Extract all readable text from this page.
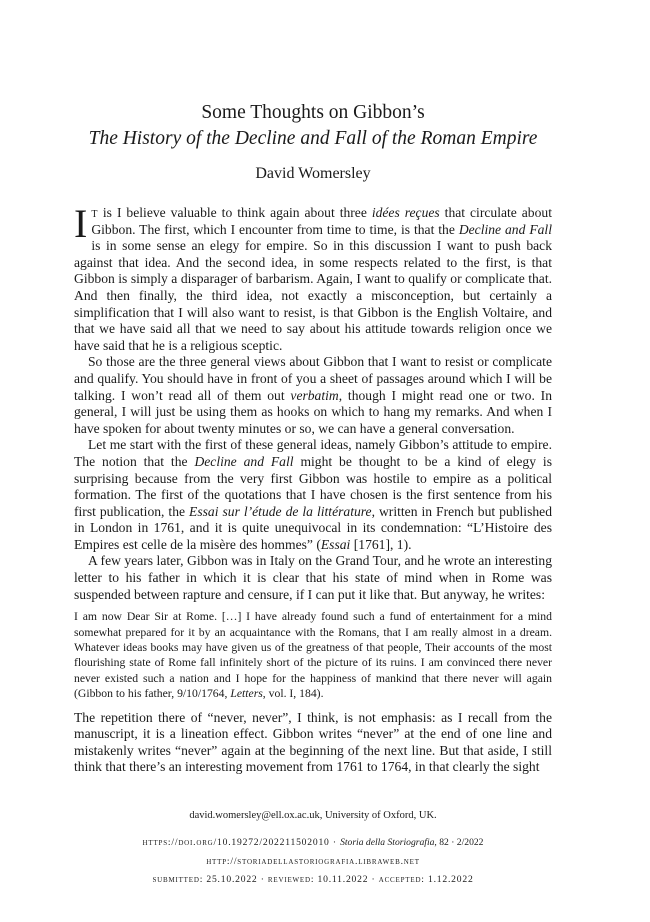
Some Thoughts on Gibbon’s
The History of the Decline and Fall of the Roman Empire
David Womersley

It is I believe valuable to think again about three idées reçues that circulate about Gibbon. The first, which I encounter from time to time, is that the Decline and Fall is in some sense an elegy for empire. So in this discussion I want to push back against that idea. And the second idea, in some respects related to the first, is that Gibbon is simply a disparager of barbarism. Again, I want to qualify or complicate that. And then finally, the third idea, not exactly a misconception, but certainly a simplification that I will also want to resist, is that Gibbon is the English Voltaire, and that we have said all that we need to say about his attitude towards religion once we have said that he is a religious sceptic.

So those are the three general views about Gibbon that I want to resist or complicate and qualify. You should have in front of you a sheet of passages around which I will be talking. I won’t read all of them out verbatim, though I might read one or two. In general, I will just be using them as hooks on which to hang my remarks. And when I have spoken for about twenty minutes or so, we can have a general conversation.

Let me start with the first of these general ideas, namely Gibbon’s attitude to empire. The notion that the Decline and Fall might be thought to be a kind of elegy is surprising because from the very first Gibbon was hostile to empire as a political formation. The first of the quotations that I have chosen is the first sentence from his first publication, the Essai sur l’étude de la littérature, written in French but published in London in 1761, and it is quite unequivocal in its condemnation: “L’Histoire des Empires est celle de la misère des hommes” (Essai [1761], 1).

A few years later, Gibbon was in Italy on the Grand Tour, and he wrote an interesting letter to his father in which it is clear that his state of mind when in Rome was suspended between rapture and censure, if I can put it like that. But anyway, he writes:

I am now Dear Sir at Rome. […] I have already found such a fund of entertainment for a mind somewhat prepared for it by an acquaintance with the Romans, that I am really almost in a dream. Whatever ideas books may have given us of the greatness of that people, Their accounts of the most flourishing state of Rome fall infinitely short of the picture of its ruins. I am convinced there never never existed such a nation and I hope for the happiness of mankind that there never will again (Gibbon to his father, 9/10/1764, Letters, vol. I, 184).

The repetition there of “never, never”, I think, is not emphasis: as I recall from the manuscript, it is a lineation effect. Gibbon writes “never” at the end of one line and mistakenly writes “never” again at the beginning of the next line. But that aside, I still think that there’s an interesting movement from 1761 to 1764, in that clearly the sight

david.womersley@ell.ox.ac.uk, University of Oxford, UK.
https://doi.org/10.19272/202211502010 · Storia della Storiografia, 82 · 2/2022
http://storiadellastoriografia.libraweb.net
submitted: 25.10.2022 · reviewed: 10.11.2022 · accepted: 1.12.2022
